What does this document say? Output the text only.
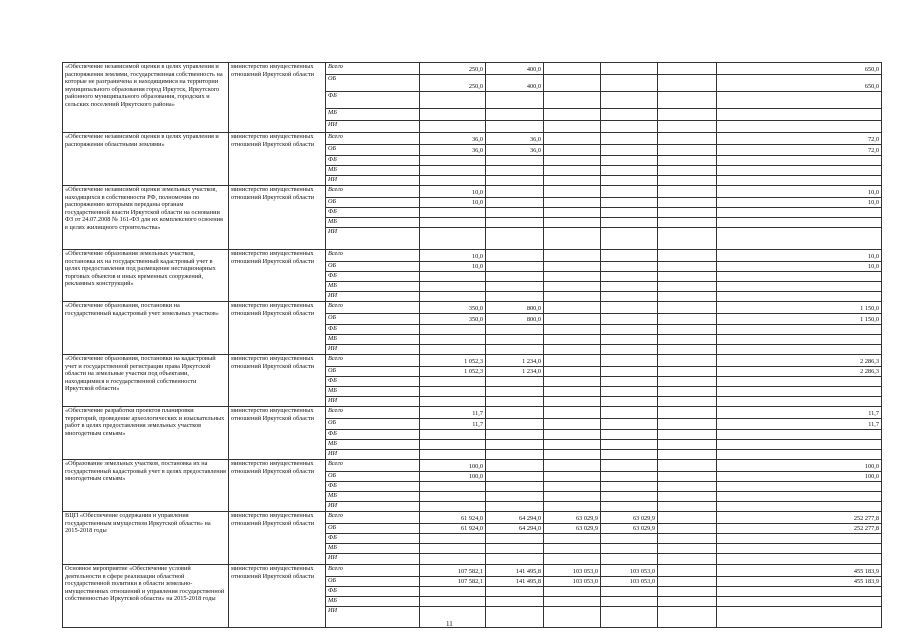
«Обеспечение независимой оценки в целях управления и распоряжения землями, государственная собственность на которые не разграничена и находящимися на территории муниципального образования город Иркутск, Иркутского районного муниципального образования, городских и сельских поселений Иркутского района»	министерство имущественных отношений Иркутской области	Всего	250,0	400,0				650,0
		ОБ	250,0	400,0				650,0
		ФБ						
		МБ						
		ИИ						
«Обеспечение независимой оценки в целях управления и распоряжения областными землями»	министерство имущественных отношений Иркутской области	Всего	36,0	36,0				72,0
		ОБ	36,0	36,0				72,0
		ФБ						
		МБ						
		ИИ						
«Обеспечение независимой оценки земельных участков, находящихся в собственности РФ, полномочия по распоряжению которыми переданы органам государственной власти Иркутской области на основании ФЗ от 24.07.2008 № 161-ФЗ для их комплексного освоения в целях жилищного строительства»	министерство имущественных отношений Иркутской области	Всего	10,0					10,0
		ОБ	10,0					10,0
		ФБ						
		МБ						
		ИИ						
«Обеспечение образования земельных участков, постановка их на государственный кадастровый учет в целях предоставления под размещение нестационарных торговых объектов и иных временных сооружений, рекламных конструкций»	министерство имущественных отношений Иркутской области	Всего	10,0					10,0
		ОБ	10,0					10,0
		ФБ						
		МБ						
		ИИ						
«Обеспечение образования, постановки на государственный кадастровый учет земельных участков»	министерство имущественных отношений Иркутской области	Всего	350,0	800,0				1 150,0
		ОБ	350,0	800,0				1 150,0
		ФБ						
		МБ						
		ИИ						
«Обеспечение образования, постановки на кадастровый учет и государственной регистрации права Иркутской области на земельные участки под объектами, находящимися в государственной собственности Иркутской области»	министерство имущественных отношений Иркутской области	Всего	1 052,3	1 234,0				2 286,3
		ОБ	1 052,3	1 234,0				2 286,3
		ФБ						
		МБ						
		ИИ						
«Обеспечение разработки проектов планировки территорий, проведение археологических и изыскательных работ в целях предоставления земельных участков многодетным семьям»	министерство имущественных отношений Иркутской области	Всего	11,7					11,7
		ОБ	11,7					11,7
		ФБ						
		МБ						
		ИИ						
«Образование земельных участков, постановка их на государственный кадастровый учет в целях предоставления многодетным семьям»	министерство имущественных отношений Иркутской области	Всего	100,0					100,0
		ОБ	100,0					100,0
		ФБ						
		МБ						
		ИИ						
ВЦП «Обеспечение содержания и управления государственным имуществом Иркутской области» на 2015-2018 годы	министерство имущественных отношений Иркутской области	Всего	61 924,0	64 294,0	63 029,9	63 029,9		252 277,8
		ОБ	61 924,0	64 294,0	63 029,9	63 029,9		252 277,8
		ФБ						
		МБ						
		ИИ						
Основное мероприятие «Обеспечение условий деятельности в сфере реализации областной государственной политики в области земельно-имущественных отношений и управления государственной собственностью Иркутской области» на 2015-2018 годы	министерство имущественных отношений Иркутской области	Всего	107 582,1	141 495,8	103 053,0	103 053,0		455 183,9
		ОБ	107 582,1	141 495,8	103 053,0	103 053,0		455 183,9
		ФБ						
		МБ						
		ИИ						
11
